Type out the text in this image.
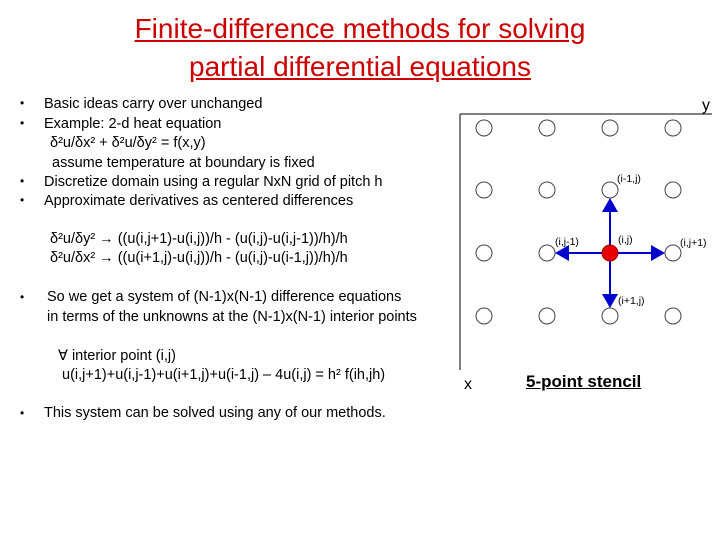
Finite-difference methods for solving
partial differential equations
• Basic ideas carry over unchanged
• Example: 2-d heat equation
δ²u/δx² + δ²u/δy² = f(x,y)
assume temperature at boundary is fixed
• Discretize domain using a regular NxN grid of pitch h
• Approximate derivatives as centered differences
δ²u/δy² → ((u(i,j+1)-u(i,j))/h - (u(i,j)-u(i,j-1))/h)/h
δ²u/δx² → ((u(i+1,j)-u(i,j))/h - (u(i,j)-u(i-1,j))/h)/h
• So we get a system of (N-1)x(N-1) difference equations
in terms of the unknowns at the (N-1)x(N-1) interior points
∀ interior point (i,j)
u(i,j+1)+u(i,j-1)+u(i+1,j)+u(i-1,j) – 4u(i,j) = h² f(ih,jh)
• This system can be solved using any of our methods.
y
x
(i-1,j)
(i,j-1)	(i,j)	(i,j+1)
(i+1,j)
5-point stencil
